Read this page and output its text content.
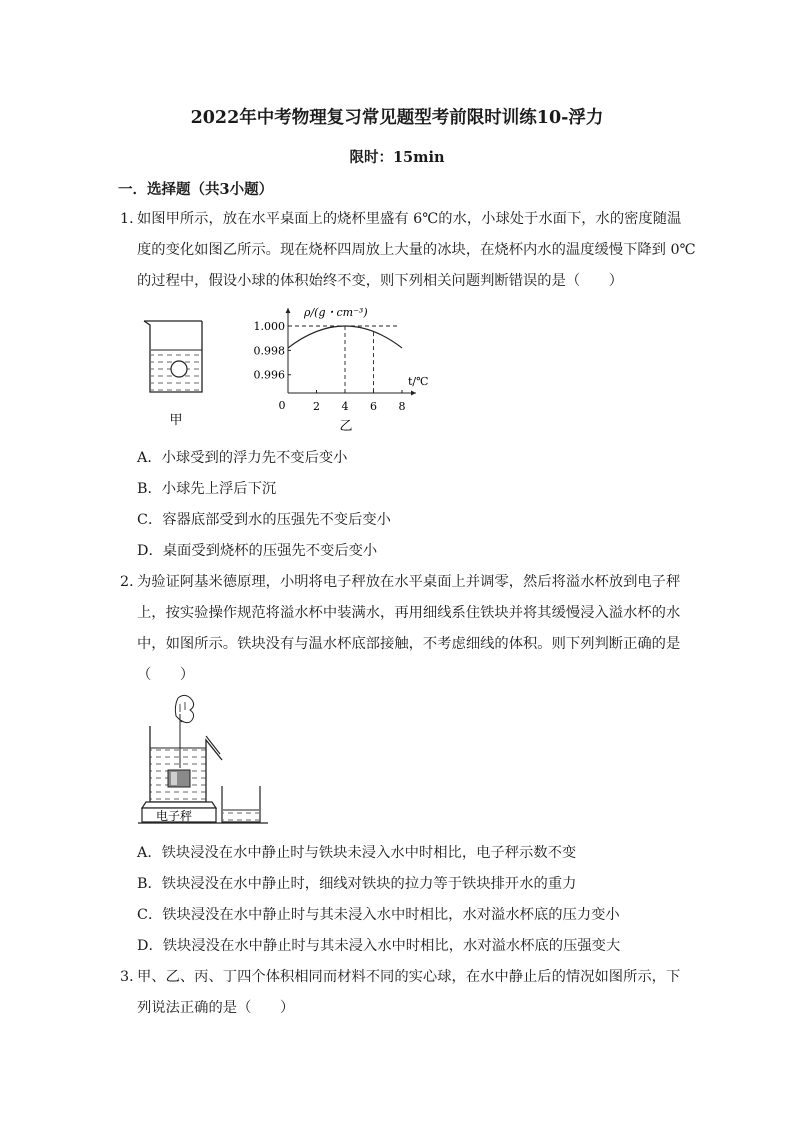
2022年中考物理复习常见题型考前限时训练10-浮力
限时：15min
一．选择题（共3小题）
1．
如图甲所示，放在水平桌面上的烧杯里盛有 6℃的水，小球处于水面下，水的密度随温
度的变化如图乙所示。现在烧杯四周放上大量的冰块，在烧杯内水的温度缓慢下降到 0℃
的过程中，假设小球的体积始终不变，则下列相关问题判断错误的是（　　）
甲
0	2 4 6 8
0.996
0.998
1.000
ρ/(g・cm⁻³)
t/℃
乙
A．小球受到的浮力先不变后变小
B．小球先上浮后下沉
C．容器底部受到水的压强先不变后变小
D．桌面受到烧杯的压强先不变后变小
2．
为验证阿基米德原理，小明将电子秤放在水平桌面上并调零，然后将溢水杯放到电子秤
上，按实验操作规范将溢水杯中装满水，再用细线系住铁块并将其缓慢浸入溢水杯的水
中，如图所示。铁块没有与温水杯底部接触，不考虑细线的体积。则下列判断正确的是
（　　）
电子秤
A．铁块浸没在水中静止时与铁块未浸入水中时相比，电子秤示数不变
B．铁块浸没在水中静止时，细线对铁块的拉力等于铁块排开水的重力
C．铁块浸没在水中静止时与其未浸入水中时相比，水对溢水杯底的压力变小
D．铁块浸没在水中静止时与其未浸入水中时相比，水对溢水杯底的压强变大
3．
甲、乙、丙、丁四个体积相同而材料不同的实心球，在水中静止后的情况如图所示，下
列说法正确的是（　　）
